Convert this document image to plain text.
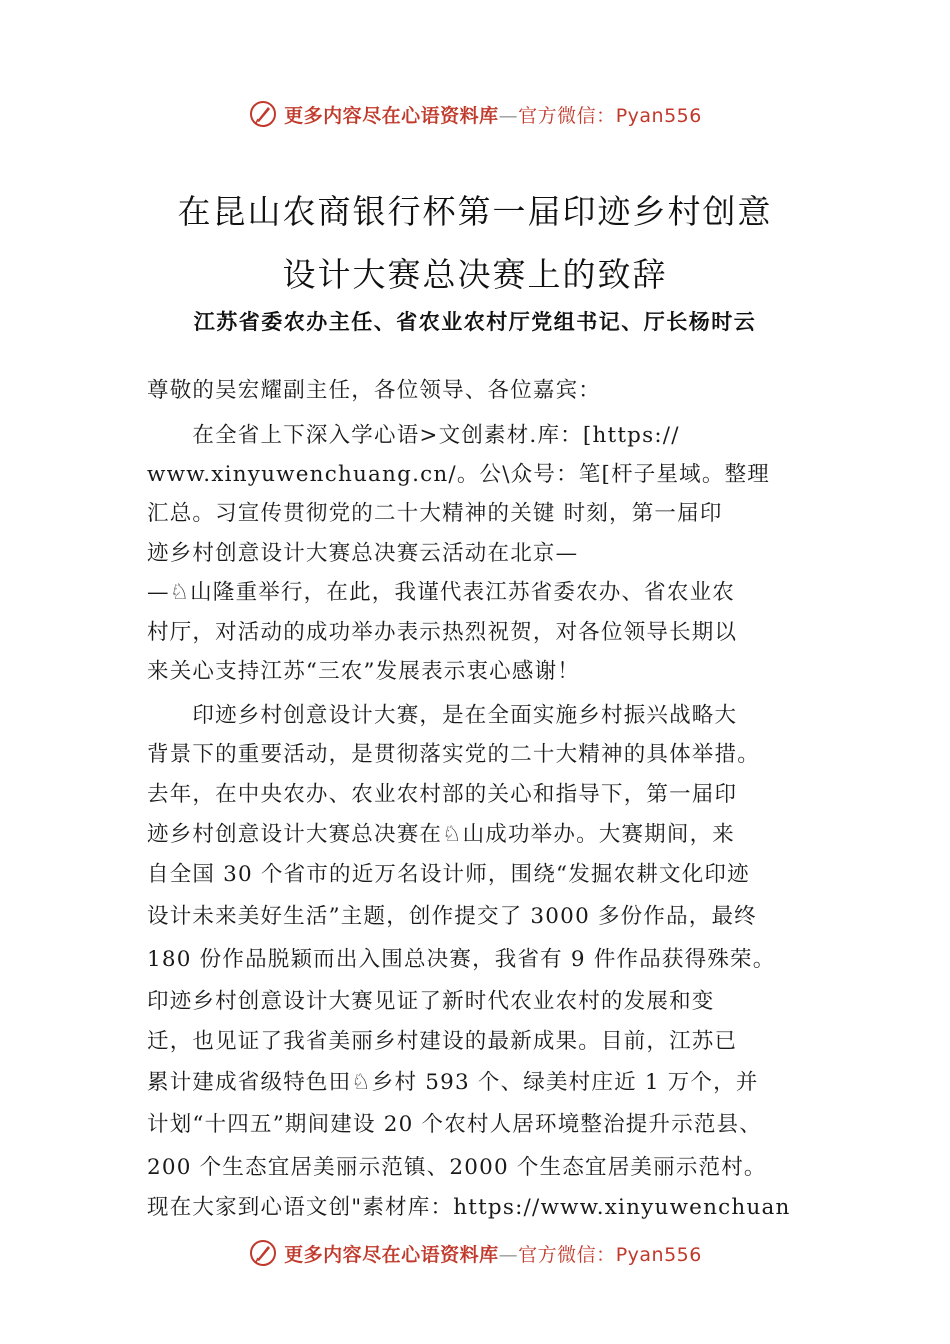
更多内容尽在心语资料库—官方微信：Pyan556
在昆山农商银行杯第一届印迹乡村创意
设计大赛总决赛上的致辞
江苏省委农办主任、省农业农村厅党组书记、厅长杨时云
尊敬的吴宏耀副主任，各位领导、各位嘉宾：
　　在全省上下深入学心语>文创素材.库：[https://
www.xinyuwenchuang.cn/。公\众号：笔[杆子星域。整理
汇总。习宣传贯彻党的二十大精神的关键 时刻，第一届印
迹乡村创意设计大赛总决赛云活动在北京—
—♘山隆重举行，在此，我谨代表江苏省委农办、省农业农
村厅，对活动的成功举办表示热烈祝贺，对各位领导长期以
来关心支持江苏“三农”发展表示衷心感谢！
　　印迹乡村创意设计大赛，是在全面实施乡村振兴战略大
背景下的重要活动，是贯彻落实党的二十大精神的具体举措。
去年，在中央农办、农业农村部的关心和指导下，第一届印
迹乡村创意设计大赛总决赛在♘山成功举办。大赛期间，来
自全国 30 个省市的近万名设计师，围绕“发掘农耕文化印迹
设计未来美好生活”主题，创作提交了 3000 多份作品，最终
180 份作品脱颖而出入围总决赛，我省有 9 件作品获得殊荣。
印迹乡村创意设计大赛见证了新时代农业农村的发展和变
迁，也见证了我省美丽乡村建设的最新成果。目前，江苏已
累计建成省级特色田♘乡村 593 个、绿美村庄近 1 万个，并
计划“十四五”期间建设 20 个农村人居环境整治提升示范县、
200 个生态宜居美丽示范镇、2000 个生态宜居美丽示范村。
现在大家到心语文创"素材库：https://www.xinyuwenchuan
更多内容尽在心语资料库—官方微信：Pyan556
